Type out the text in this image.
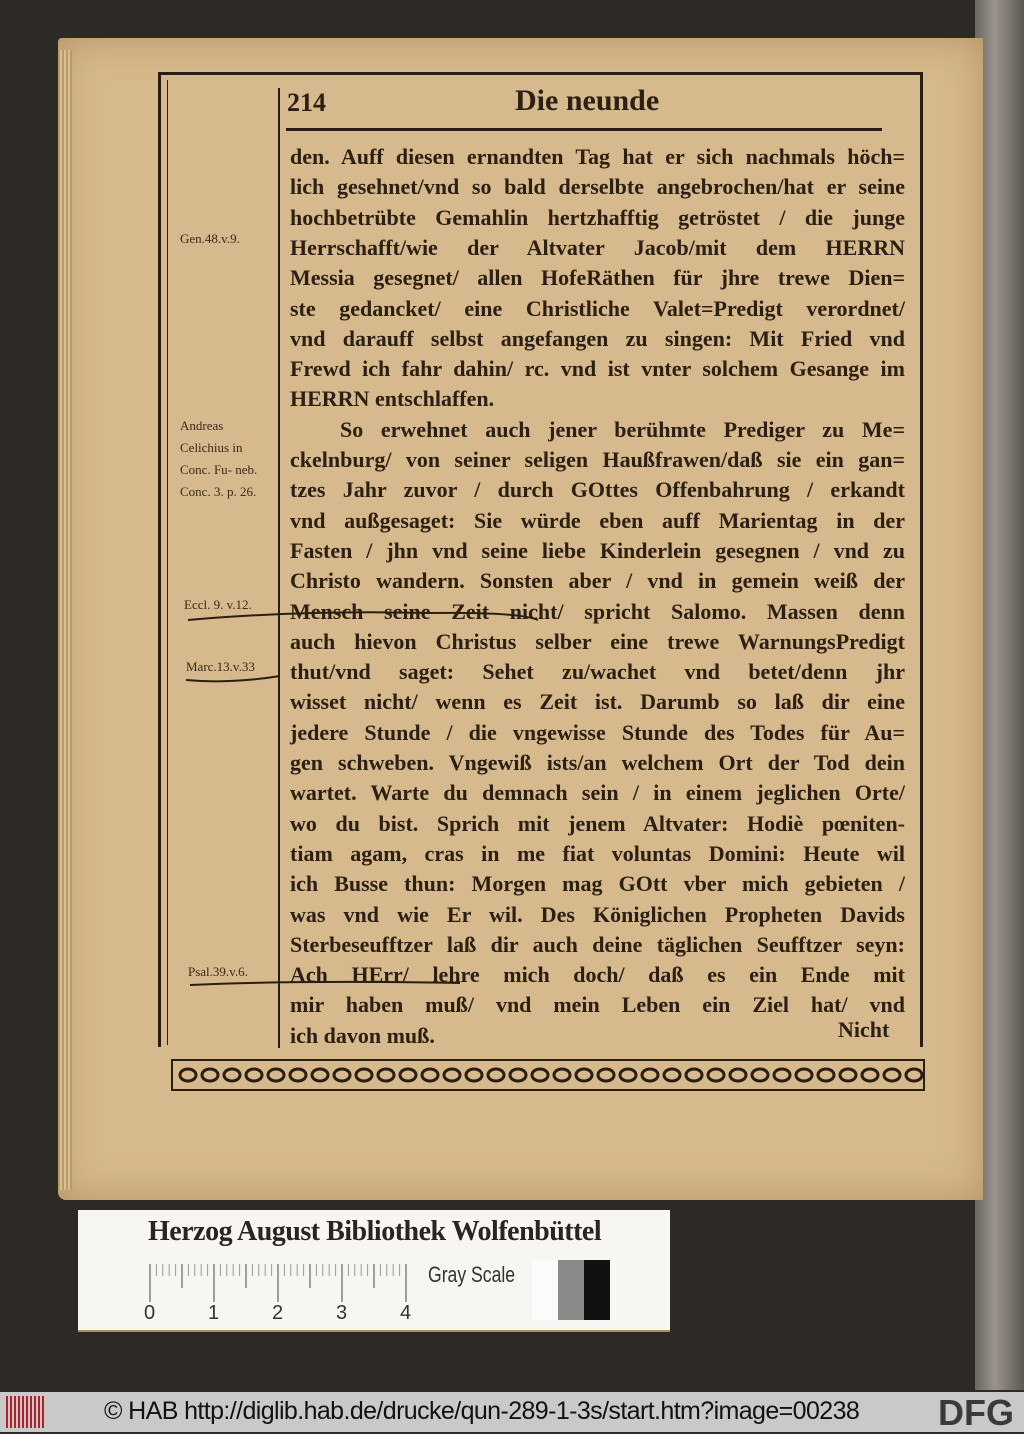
214	Die neunde
den. Auff diesen ernandten Tag hat er sich nachmals höch=
lich gesehnet/vnd so bald derselbte angebrochen/hat er seine
hochbetrübte Gemahlin hertzhafftig getröstet / die junge
Herrschafft/wie der Altvater Jacob/mit dem HERRN
Messia gesegnet/ allen HofeRäthen für jhre trewe Dien=
ste gedancket/ eine Christliche Valet=Predigt verordnet/
vnd darauff selbst angefangen zu singen: Mit Fried vnd
Frewd ich fahr dahin/ rc. vnd ist vnter solchem Gesange im
HERRN entschlaffen.
So erwehnet auch jener berühmte Prediger zu Me=
ckelnburg/ von seiner seligen Haußfrawen/daß sie ein gan=
tzes Jahr zuvor / durch GOttes Offenbahrung / erkandt
vnd außgesaget: Sie würde eben auff Marientag in der
Fasten / jhn vnd seine liebe Kinderlein gesegnen / vnd zu
Christo wandern. Sonsten aber / vnd in gemein weiß der
Mensch seine Zeit nicht/ spricht Salomo. Massen denn
auch hievon Christus selber eine trewe WarnungsPredigt
thut/vnd saget: Sehet zu/wachet vnd betet/denn jhr
wisset nicht/ wenn es Zeit ist. Darumb so laß dir eine
jedere Stunde / die vngewisse Stunde des Todes für Au=
gen schweben. Vngewiß ists/an welchem Ort der Tod dein
wartet. Warte du demnach sein / in einem jeglichen Orte/
wo du bist. Sprich mit jenem Altvater: Hodiè pœniten-
tiam agam, cras in me fiat voluntas Domini: Heute wil
ich Busse thun: Morgen mag GOtt vber mich gebieten /
was vnd wie Er wil. Des Königlichen Propheten Davids
Sterbeseufftzer laß dir auch deine täglichen Seufftzer seyn:
Ach HErr/ lehre mich doch/ daß es ein Ende mit
mir haben muß/ vnd mein Leben ein Ziel hat/ vnd
ich davon muß.	Nicht
Gen.48.v.9.
Andreas Celichius in Conc. Fu- neb. Conc. 3. p. 26.
Eccl. 9. v.12.
Marc.13.v.33
Psal.39.v.6.
Herzog August Bibliothek Wolfenbüttel
Gray Scale
0	1	2	3	4
© HAB http://diglib.hab.de/drucke/qun-289-1-3s/start.htm?image=00238 DFG
